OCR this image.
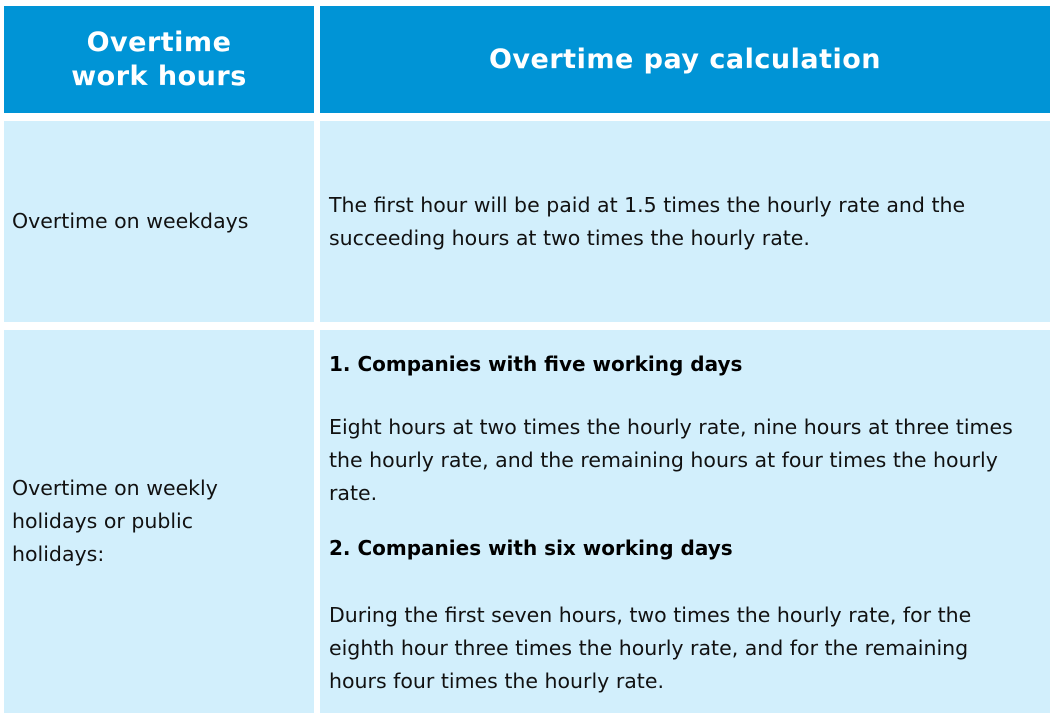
Overtime work hours
Overtime pay calculation
Overtime on weekdays
The first hour will be paid at 1.5 times the hourly rate and the succeeding hours at two times the hourly rate.
Overtime on weekly holidays or public holidays:

1. Companies with five working days

Eight hours at two times the hourly rate, nine hours at three times the hourly rate, and the remaining hours at four times the hourly rate.

2. Companies with six working days

During the first seven hours, two times the hourly rate, for the eighth hour three times the hourly rate, and for the remaining hours four times the hourly rate.
